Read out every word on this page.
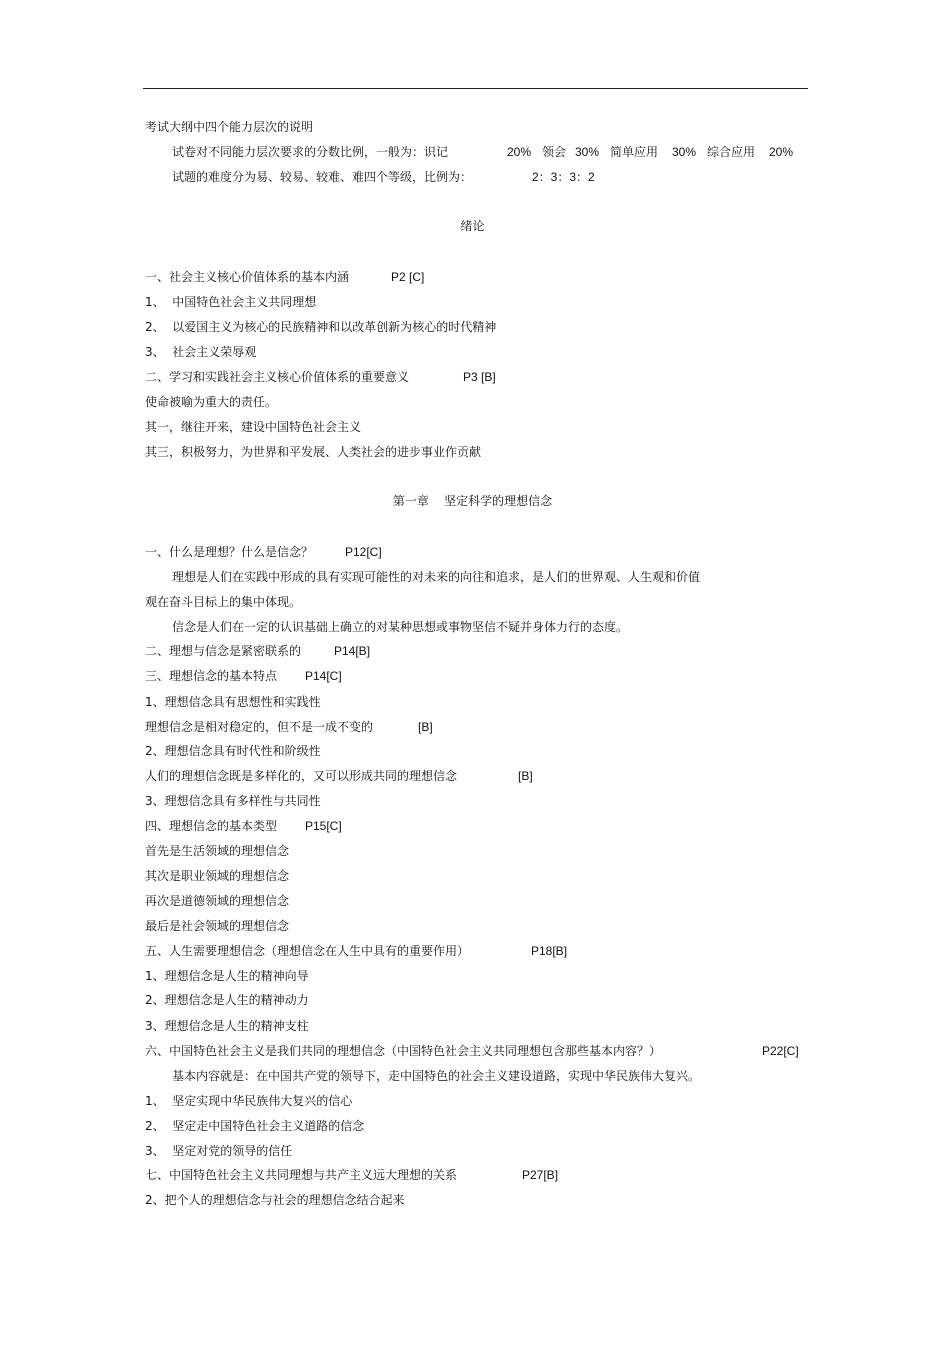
考试大纲中四个能力层次的说明
试卷对不同能力层次要求的分数比例，一般为：识记	20% 领会 30% 简单应用 30% 综合应用 20%
试题的难度分为易、较易、较难、难四个等级，比例为：	2：3：3：2
绪论
一、社会主义核心价值体系的基本内涵	P2 [C]
1、  中国特色社会主义共同理想
2、  以爱国主义为核心的民族精神和以改革创新为核心的时代精神
3、  社会主义荣辱观
二、学习和实践社会主义核心价值体系的重要意义	P3 [B]
使命被喻为重大的责任。
其一，继往开来，建设中国特色社会主义
其三，积极努力，为世界和平发展、人类社会的进步事业作贡献
第一章    坚定科学的理想信念
一、什么是理想？什么是信念？	P12[C]
理想是人们在实践中形成的具有实现可能性的对未来的向往和追求，是人们的世界观、人生观和价值
观在奋斗目标上的集中体现。
信念是人们在一定的认识基础上确立的对某种思想或事物坚信不疑并身体力行的态度。
二、理想与信念是紧密联系的	P14[B]
三、理想信念的基本特点 P14[C]
1、理想信念具有思想性和实践性
理想信念是相对稳定的，但不是一成不变的	[B]
2、理想信念具有时代性和阶级性
人们的理想信念既是多样化的，又可以形成共同的理想信念	[B]
3、理想信念具有多样性与共同性
四、理想信念的基本类型 P15[C]
首先是生活领域的理想信念
其次是职业领域的理想信念
再次是道德领域的理想信念
最后是社会领域的理想信念
五、人生需要理想信念（理想信念在人生中具有的重要作用）	P18[B]
1、理想信念是人生的精神向导
2、理想信念是人生的精神动力
3、理想信念是人生的精神支柱
六、中国特色社会主义是我们共同的理想信念（中国特色社会主义共同理想包含那些基本内容？）	P22[C]
基本内容就是：在中国共产党的领导下，走中国特色的社会主义建设道路，实现中华民族伟大复兴。
1、  坚定实现中华民族伟大复兴的信心
2、  坚定走中国特色社会主义道路的信念
3、  坚定对党的领导的信任
七、中国特色社会主义共同理想与共产主义远大理想的关系	P27[B]
2、把个人的理想信念与社会的理想信念结合起来
